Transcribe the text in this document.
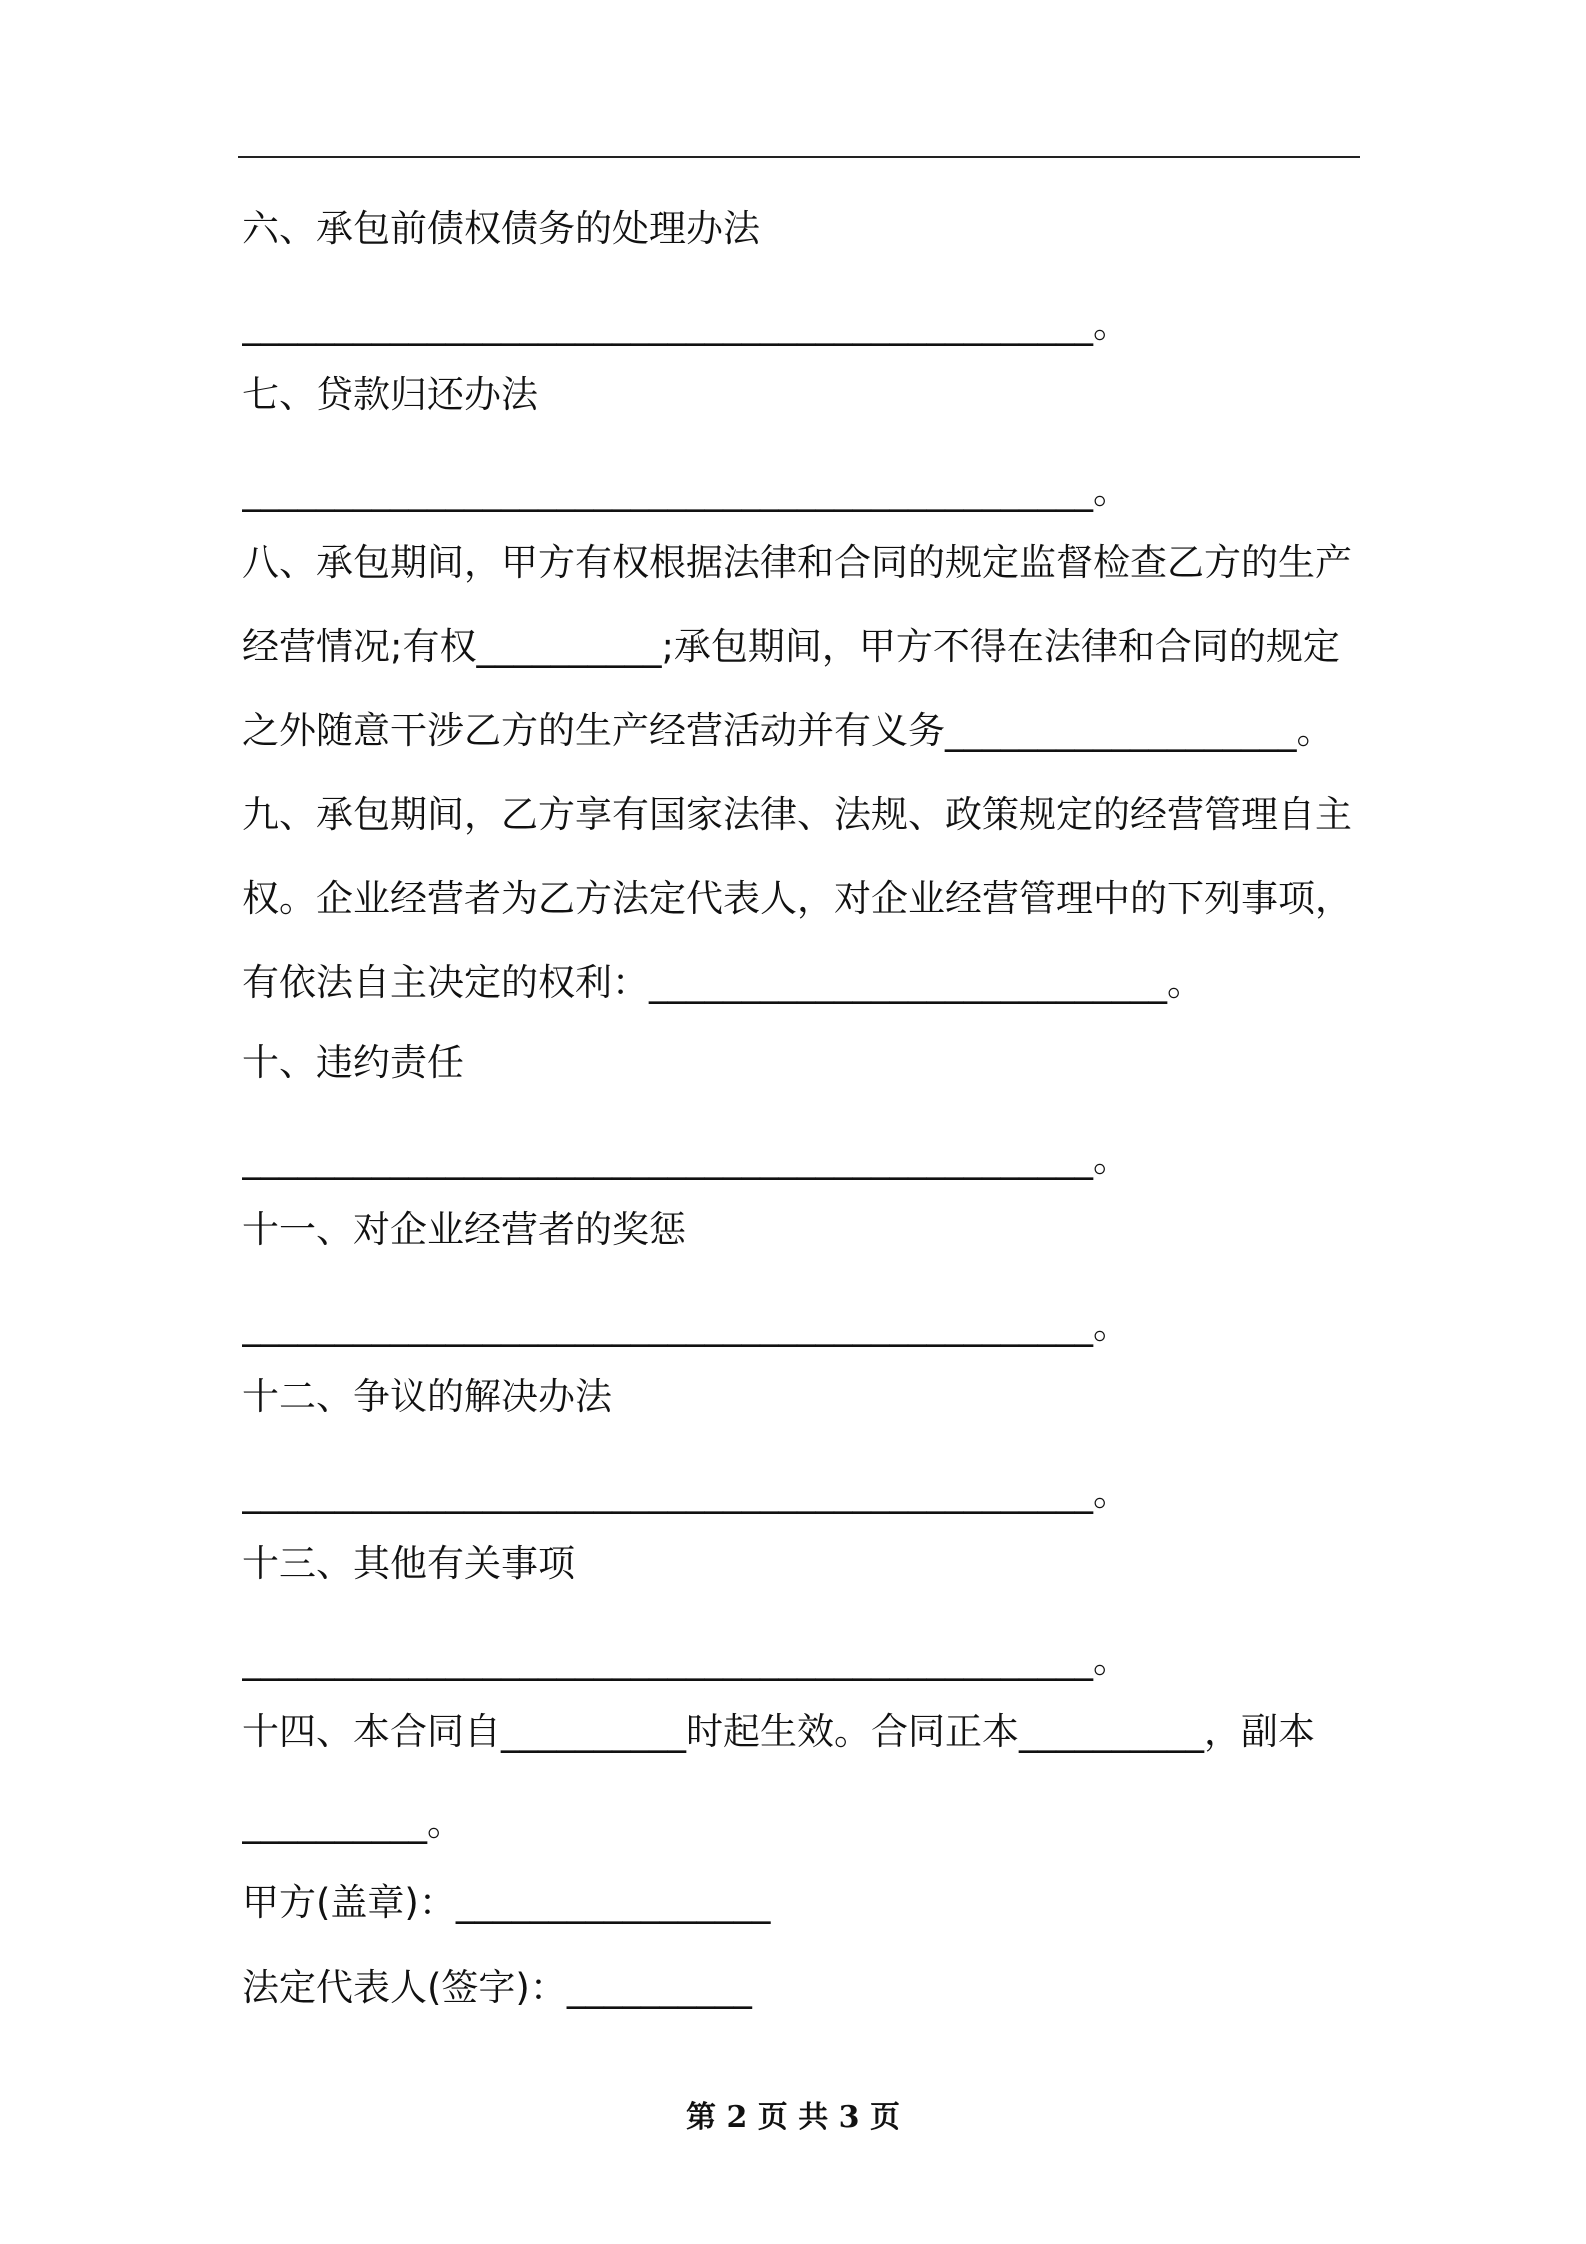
六、承包前债权债务的处理办法
______________________________________________。
七、贷款归还办法
______________________________________________。
八、承包期间，甲方有权根据法律和合同的规定监督检查乙方的生产
经营情况;有权__________;承包期间，甲方不得在法律和合同的规定
之外随意干涉乙方的生产经营活动并有义务___________________。
九、承包期间，乙方享有国家法律、法规、政策规定的经营管理自主
权。企业经营者为乙方法定代表人，对企业经营管理中的下列事项，
有依法自主决定的权利：____________________________。
十、违约责任
______________________________________________。
十一、对企业经营者的奖惩
______________________________________________。
十二、争议的解决办法
______________________________________________。
十三、其他有关事项
______________________________________________。
十四、本合同自__________时起生效。合同正本__________，副本
__________。
甲方(盖章)：_________________
法定代表人(签字)：__________
第 2 页 共 3 页
